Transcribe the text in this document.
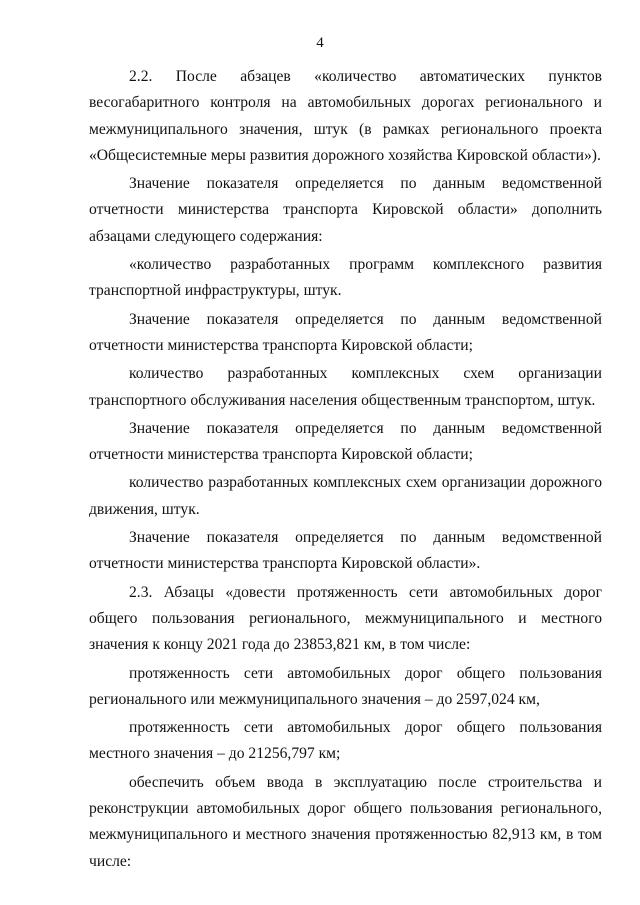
4

2.2. После абзацев «количество автоматических пунктов весогабаритного контроля на автомобильных дорогах регионального и межмуниципального значения, штук (в рамках регионального проекта «Общесистемные меры развития дорожного хозяйства Кировской области»).

Значение показателя определяется по данным ведомственной отчетности министерства транспорта Кировской области» дополнить абзацами следующего содержания:

«количество разработанных программ комплексного развития транспортной инфраструктуры, штук.

Значение показателя определяется по данным ведомственной отчетности министерства транспорта Кировской области;

количество разработанных комплексных схем организации транспортного обслуживания населения общественным транспортом, штук.

Значение показателя определяется по данным ведомственной отчетности министерства транспорта Кировской области;

количество разработанных комплексных схем организации дорожного движения, штук.

Значение показателя определяется по данным ведомственной отчетности министерства транспорта Кировской области».

2.3. Абзацы «довести протяженность сети автомобильных дорог общего пользования регионального, межмуниципального и местного значения к концу 2021 года до 23853,821 км, в том числе:

протяженность сети автомобильных дорог общего пользования регионального или межмуниципального значения – до 2597,024 км,

протяженность сети автомобильных дорог общего пользования местного значения – до 21256,797 км;

обеспечить объем ввода в эксплуатацию после строительства и реконструкции автомобильных дорог общего пользования регионального, межмуниципального и местного значения протяженностью 82,913 км, в том числе:
